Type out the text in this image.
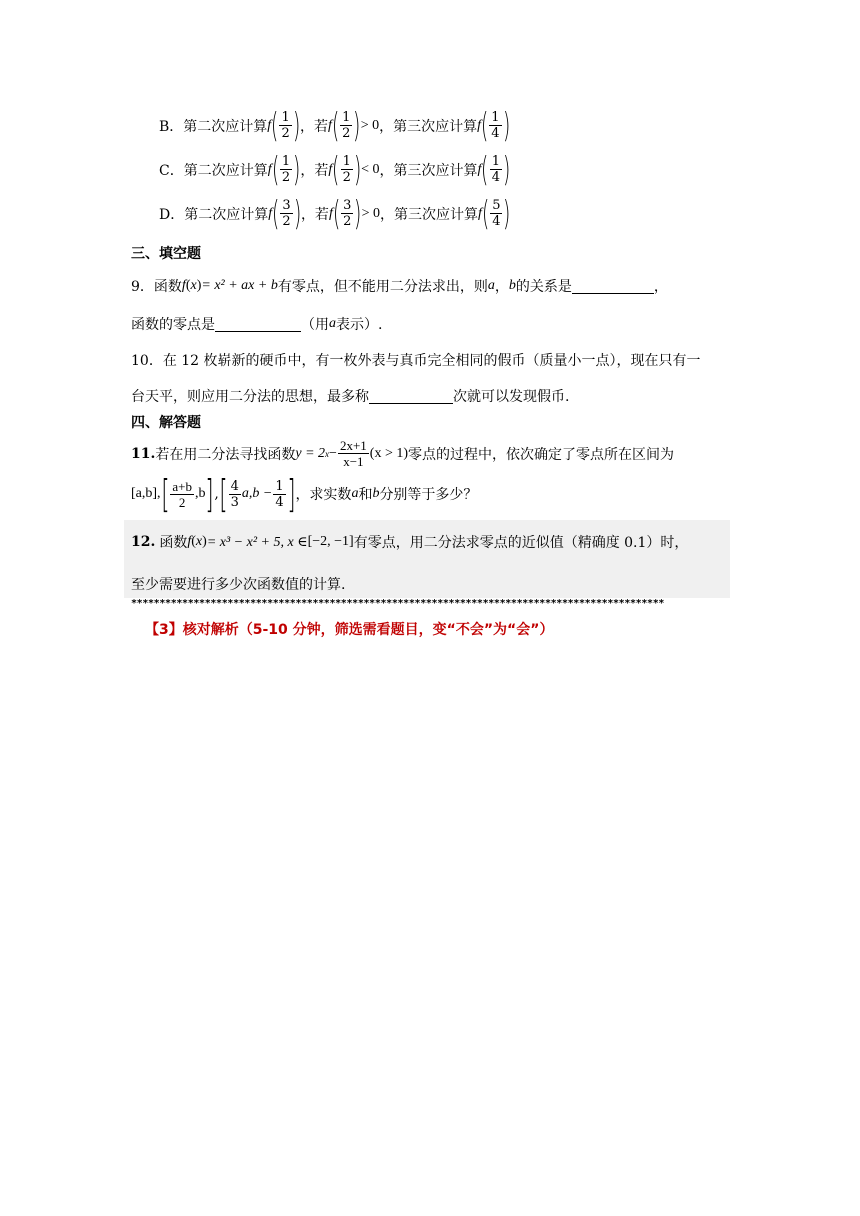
B．第二次应计算 f ( $\frac{1}{2}$ ) ，若 f ( $\frac{1}{2}$ ) > 0 ，第三次应计算 f ( $\frac{1}{4}$ )
C．第二次应计算 f ( $\frac{1}{2}$ ) ，若 f ( $\frac{1}{2}$ ) < 0 ，第三次应计算 f ( $\frac{1}{4}$ )
D．第二次应计算 f ( $\frac{3}{2}$ ) ，若 f ( $\frac{3}{2}$ ) > 0 ，第三次应计算 f ( $\frac{5}{4}$ )
三、填空题
9．函数 f (x) = x² + ax + b 有零点，但不能用二分法求出，则 a ， b 的关系是	，
函数的零点是	（用 a 表示）.
10．在 12 枚崭新的硬币中，有一枚外表与真币完全相同的假币（质量小一点），现在只有一
台天平，则应用二分法的思想，最多称	次就可以发现假币.
四、解答题
11. 若在用二分法寻找函数 y = 2 $x - \frac{2x+1}{x-1} (x > 1)$ 零点的过程中，依次确定了零点所在区间为
[a,b], [ $\frac{a+b}{2} ,b$ ] , [ $\frac{4}{3} a,b - \frac{1}{4}$ ] ，求实数 a 和 b 分别等于多少？
12. 函数 f (x) = x³ − x² + 5, x ∈ [ −2, −1 ] 有零点，用二分法求零点的近似值（精确度 0.1）时，
至少需要进行多少次函数值的计算.
**********************************************************************************************
【3】核对解析（5-10 分钟，筛选需看题目，变“不会”为“会”）
